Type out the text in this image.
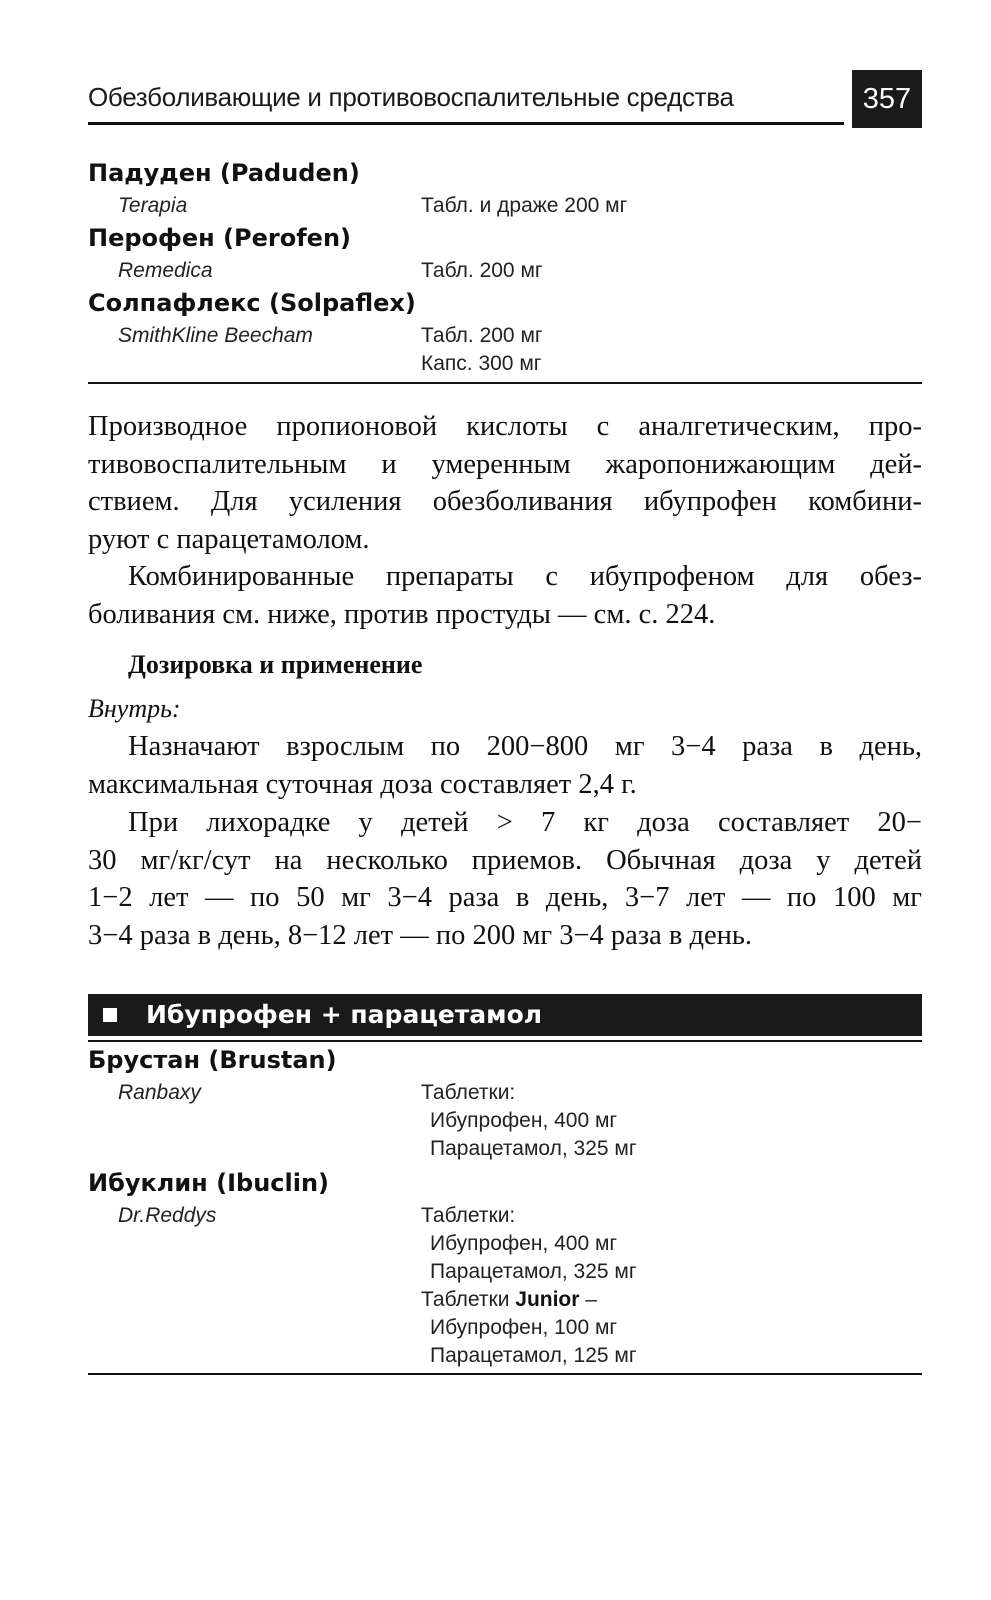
Обезболивающие и противовоспалительные средства	357
Падуден (Paduden)
Terapia	Табл. и драже 200 мг
Перофен (Perofen)
Remedica	Табл. 200 мг
Солпафлекс (Solpaflex)
SmithKline Beecham	Табл. 200 мг
Капс. 300 мг
Производное пропионовой кислоты с аналгетическим, про-
тивовоспалительным и умеренным жаропонижающим дей-
ствием. Для усиления обезболивания ибупрофен комбини-
руют с парацетамолом.
Комбинированные препараты с ибупрофеном для обез-
боливания см. ниже, против простуды — см. с. 224.
Дозировка и применение
Внутрь:
Назначают взрослым по 200−800 мг 3−4 раза в день,
максимальная суточная доза составляет 2,4 г.
При лихорадке у детей > 7 кг доза составляет 20−
30 мг/кг/сут на несколько приемов. Обычная доза у детей
1−2 лет — по 50 мг 3−4 раза в день, 3−7 лет — по 100 мг
3−4 раза в день, 8−12 лет — по 200 мг 3−4 раза в день.
Ибупрофен + парацетамол
Брустан (Brustan)
Ranbaxy	Таблетки:
Ибупрофен, 400 мг
Парацетамол, 325 мг
Ибуклин (Ibuclin)
Dr.Reddys	Таблетки:
Ибупрофен, 400 мг
Парацетамол, 325 мг
Таблетки Junior –
Ибупрофен, 100 мг
Парацетамол, 125 мг
